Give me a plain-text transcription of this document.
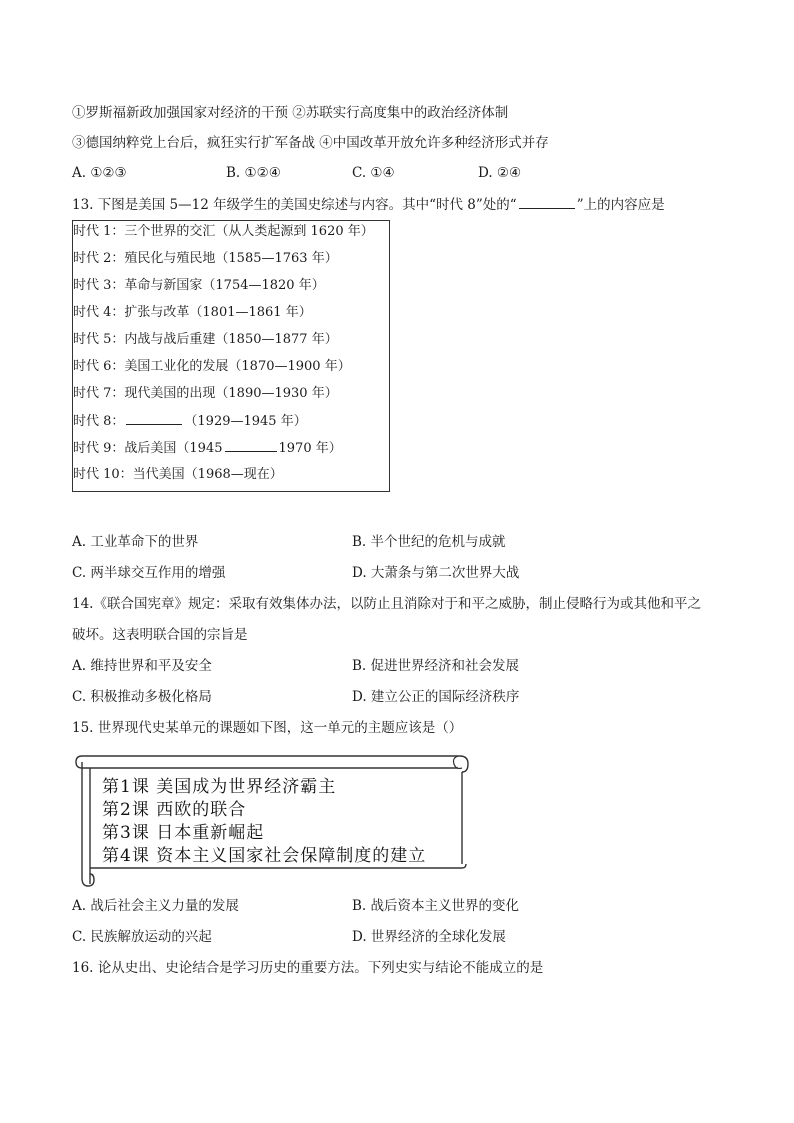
①罗斯福新政加强国家对经济的干预 ②苏联实行高度集中的政治经济体制
③德国纳粹党上台后，疯狂实行扩军备战 ④中国改革开放允许多种经济形式并存
A. ①②③	B. ①②④	C. ①④	D. ②④
13. 下图是美国 5—12 年级学生的美国史综述与内容。其中“时代 8”处的“	”上的内容应是
时代 1：三个世界的交汇（从人类起源到 1620 年）
时代 2：殖民化与殖民地（1585—1763 年）
时代 3：革命与新国家（1754—1820 年）
时代 4：扩张与改革（1801—1861 年）
时代 5：内战与战后重建（1850—1877 年）
时代 6：美国工业化的发展（1870—1900 年）
时代 7：现代美国的出现（1890—1930 年）
时代 8：	（1929—1945 年）
时代 9：战后美国（1945	1970 年）
时代 10：当代美国（1968—现在）
A. 工业革命下的世界	B. 半个世纪的危机与成就
C. 两半球交互作用的增强	D. 大萧条与第二次世界大战
14.《联合国宪章》规定：采取有效集体办法，以防止且消除对于和平之威胁，制止侵略行为或其他和平之
破坏。这表明联合国的宗旨是
A. 维持世界和平及安全	B. 促进世界经济和社会发展
C. 积极推动多极化格局	D. 建立公正的国际经济秩序
15. 世界现代史某单元的课题如下图，这一单元的主题应该是（）
第1课 美国成为世界经济霸主
第2课 西欧的联合
第3课 日本重新崛起
第4课 资本主义国家社会保障制度的建立
A. 战后社会主义力量的发展	B. 战后资本主义世界的变化
C. 民族解放运动的兴起	D. 世界经济的全球化发展
16. 论从史出、史论结合是学习历史的重要方法。下列史实与结论不能成立的是
